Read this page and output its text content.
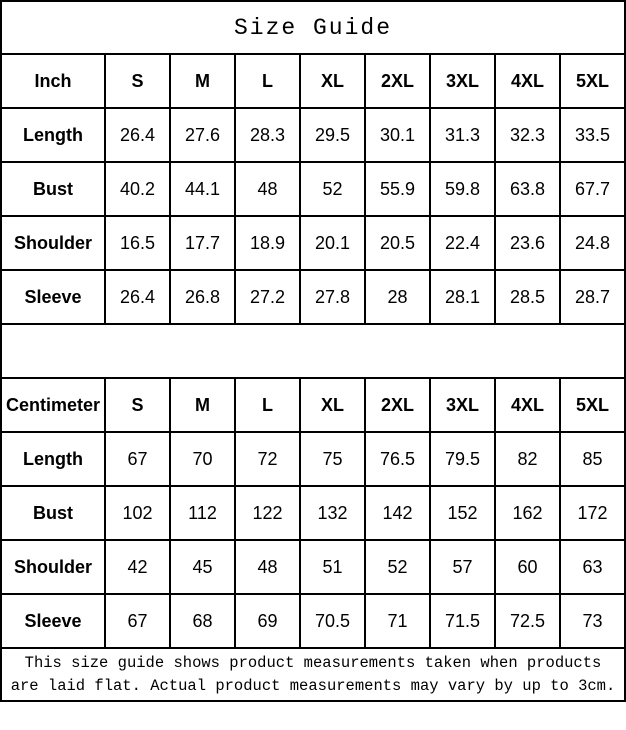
Size Guide								
Inch	S	M	L	XL	2XL	3XL	4XL	5XL
Length	26.4	27.6	28.3	29.5	30.1	31.3	32.3	33.5
Bust	40.2	44.1	48	52	55.9	59.8	63.8	67.7
Shoulder	16.5	17.7	18.9	20.1	20.5	22.4	23.6	24.8
Sleeve	26.4	26.8	27.2	27.8	28	28.1	28.5	28.7

Centimeter	S	M	L	XL	2XL	3XL	4XL	5XL
Length	67	70	72	75	76.5	79.5	82	85
Bust	102	112	122	132	142	152	162	172
Shoulder	42	45	48	51	52	57	60	63
Sleeve	67	68	69	70.5	71	71.5	72.5	73
This size guide shows product measurements taken when products
are laid flat. Actual product measurements may vary by up to 3cm.								
